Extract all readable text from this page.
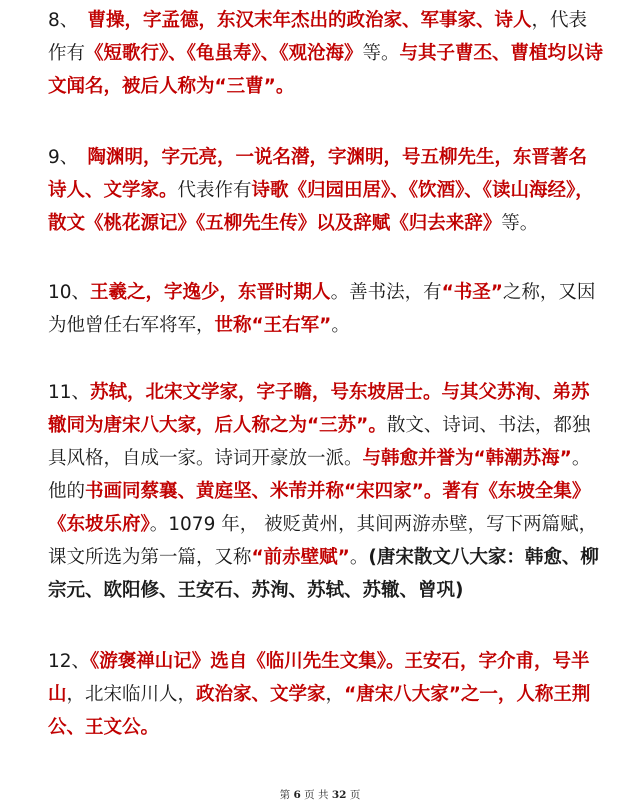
8、　曹操，字孟德，东汉末年杰出的政治家、军事家、诗人，代表作有《短歌行》、《龟虽寿》、《观沧海》等。与其子曹丕、曹植均以诗文闻名，被后人称为“三曹”。

9、　陶渊明，字元亮，一说名潜，字渊明，号五柳先生，东晋著名诗人、文学家。代表作有诗歌《归园田居》、《饮酒》、《读山海经》，散文《桃花源记》《五柳先生传》以及辞赋《归去来辞》等。

10、王羲之，字逸少，东晋时期人。善书法，有“书圣”之称，又因为他曾任右军将军，世称“王右军”。

11、苏轼，北宋文学家，字子瞻，号东坡居士。与其父苏洵、弟苏辙同为唐宋八大家，后人称之为“三苏”。散文、诗词、书法，都独具风格，自成一家。诗词开豪放一派。与韩愈并誉为“韩潮苏海”。他的书画同蔡襄、黄庭坚、米芾并称“宋四家”。著有《东坡全集》《东坡乐府》。1079 年， 被贬黄州，其间两游赤壁，写下两篇赋，课文所选为第一篇，又称“前赤壁赋”。(唐宋散文八大家：韩愈、柳宗元、欧阳修、王安石、苏洵、苏轼、苏辙、曾巩)

12、《游褒禅山记》选自《临川先生文集》。王安石，字介甫，号半山，北宋临川人，政治家、文学家，“唐宋八大家”之一，人称王荆公、王文公。

第 6 页 共 32 页
